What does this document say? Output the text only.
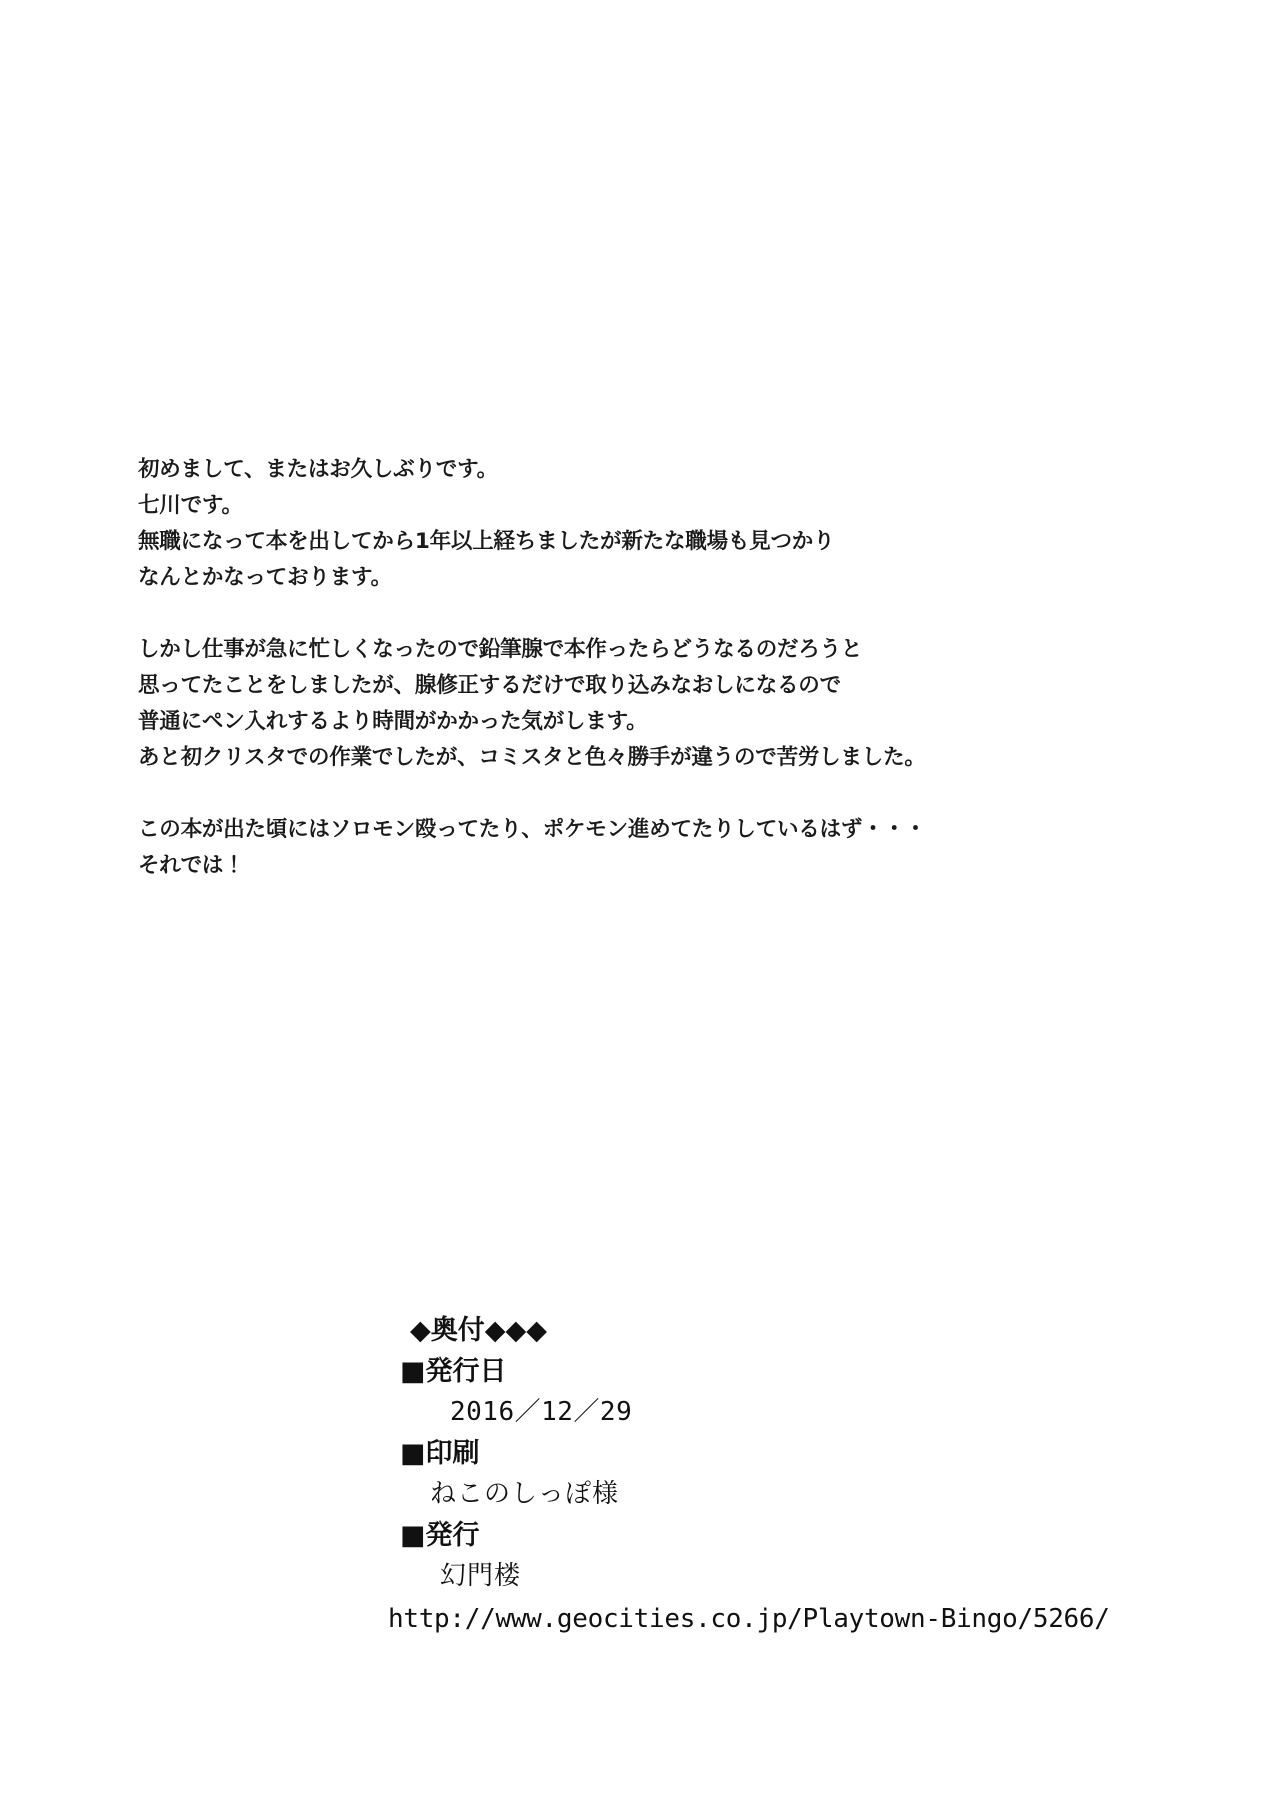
初めまして、またはお久しぶりです。

七川です。

無職になって本を出してから1年以上経ちましたが新たな職場も見つかり

なんとかなっております。

しかし仕事が急に忙しくなったので鉛筆腺で本作ったらどうなるのだろうと

思ってたことをしましたが、腺修正するだけで取り込みなおしになるので

普通にペン入れするより時間がかかった気がします。

あと初クリスタでの作業でしたが、コミスタと色々勝手が違うので苦労しました。

この本が出た頃にはソロモン殴ってたり、ポケモン進めてたりしているはず・・・

それでは！

◆奥付◆◆◆
■発行日
2016／12／29
■印刷
ねこのしっぽ様
■発行
幻門楼
http://www.geocities.co.jp/Playtown-Bingo/5266/
